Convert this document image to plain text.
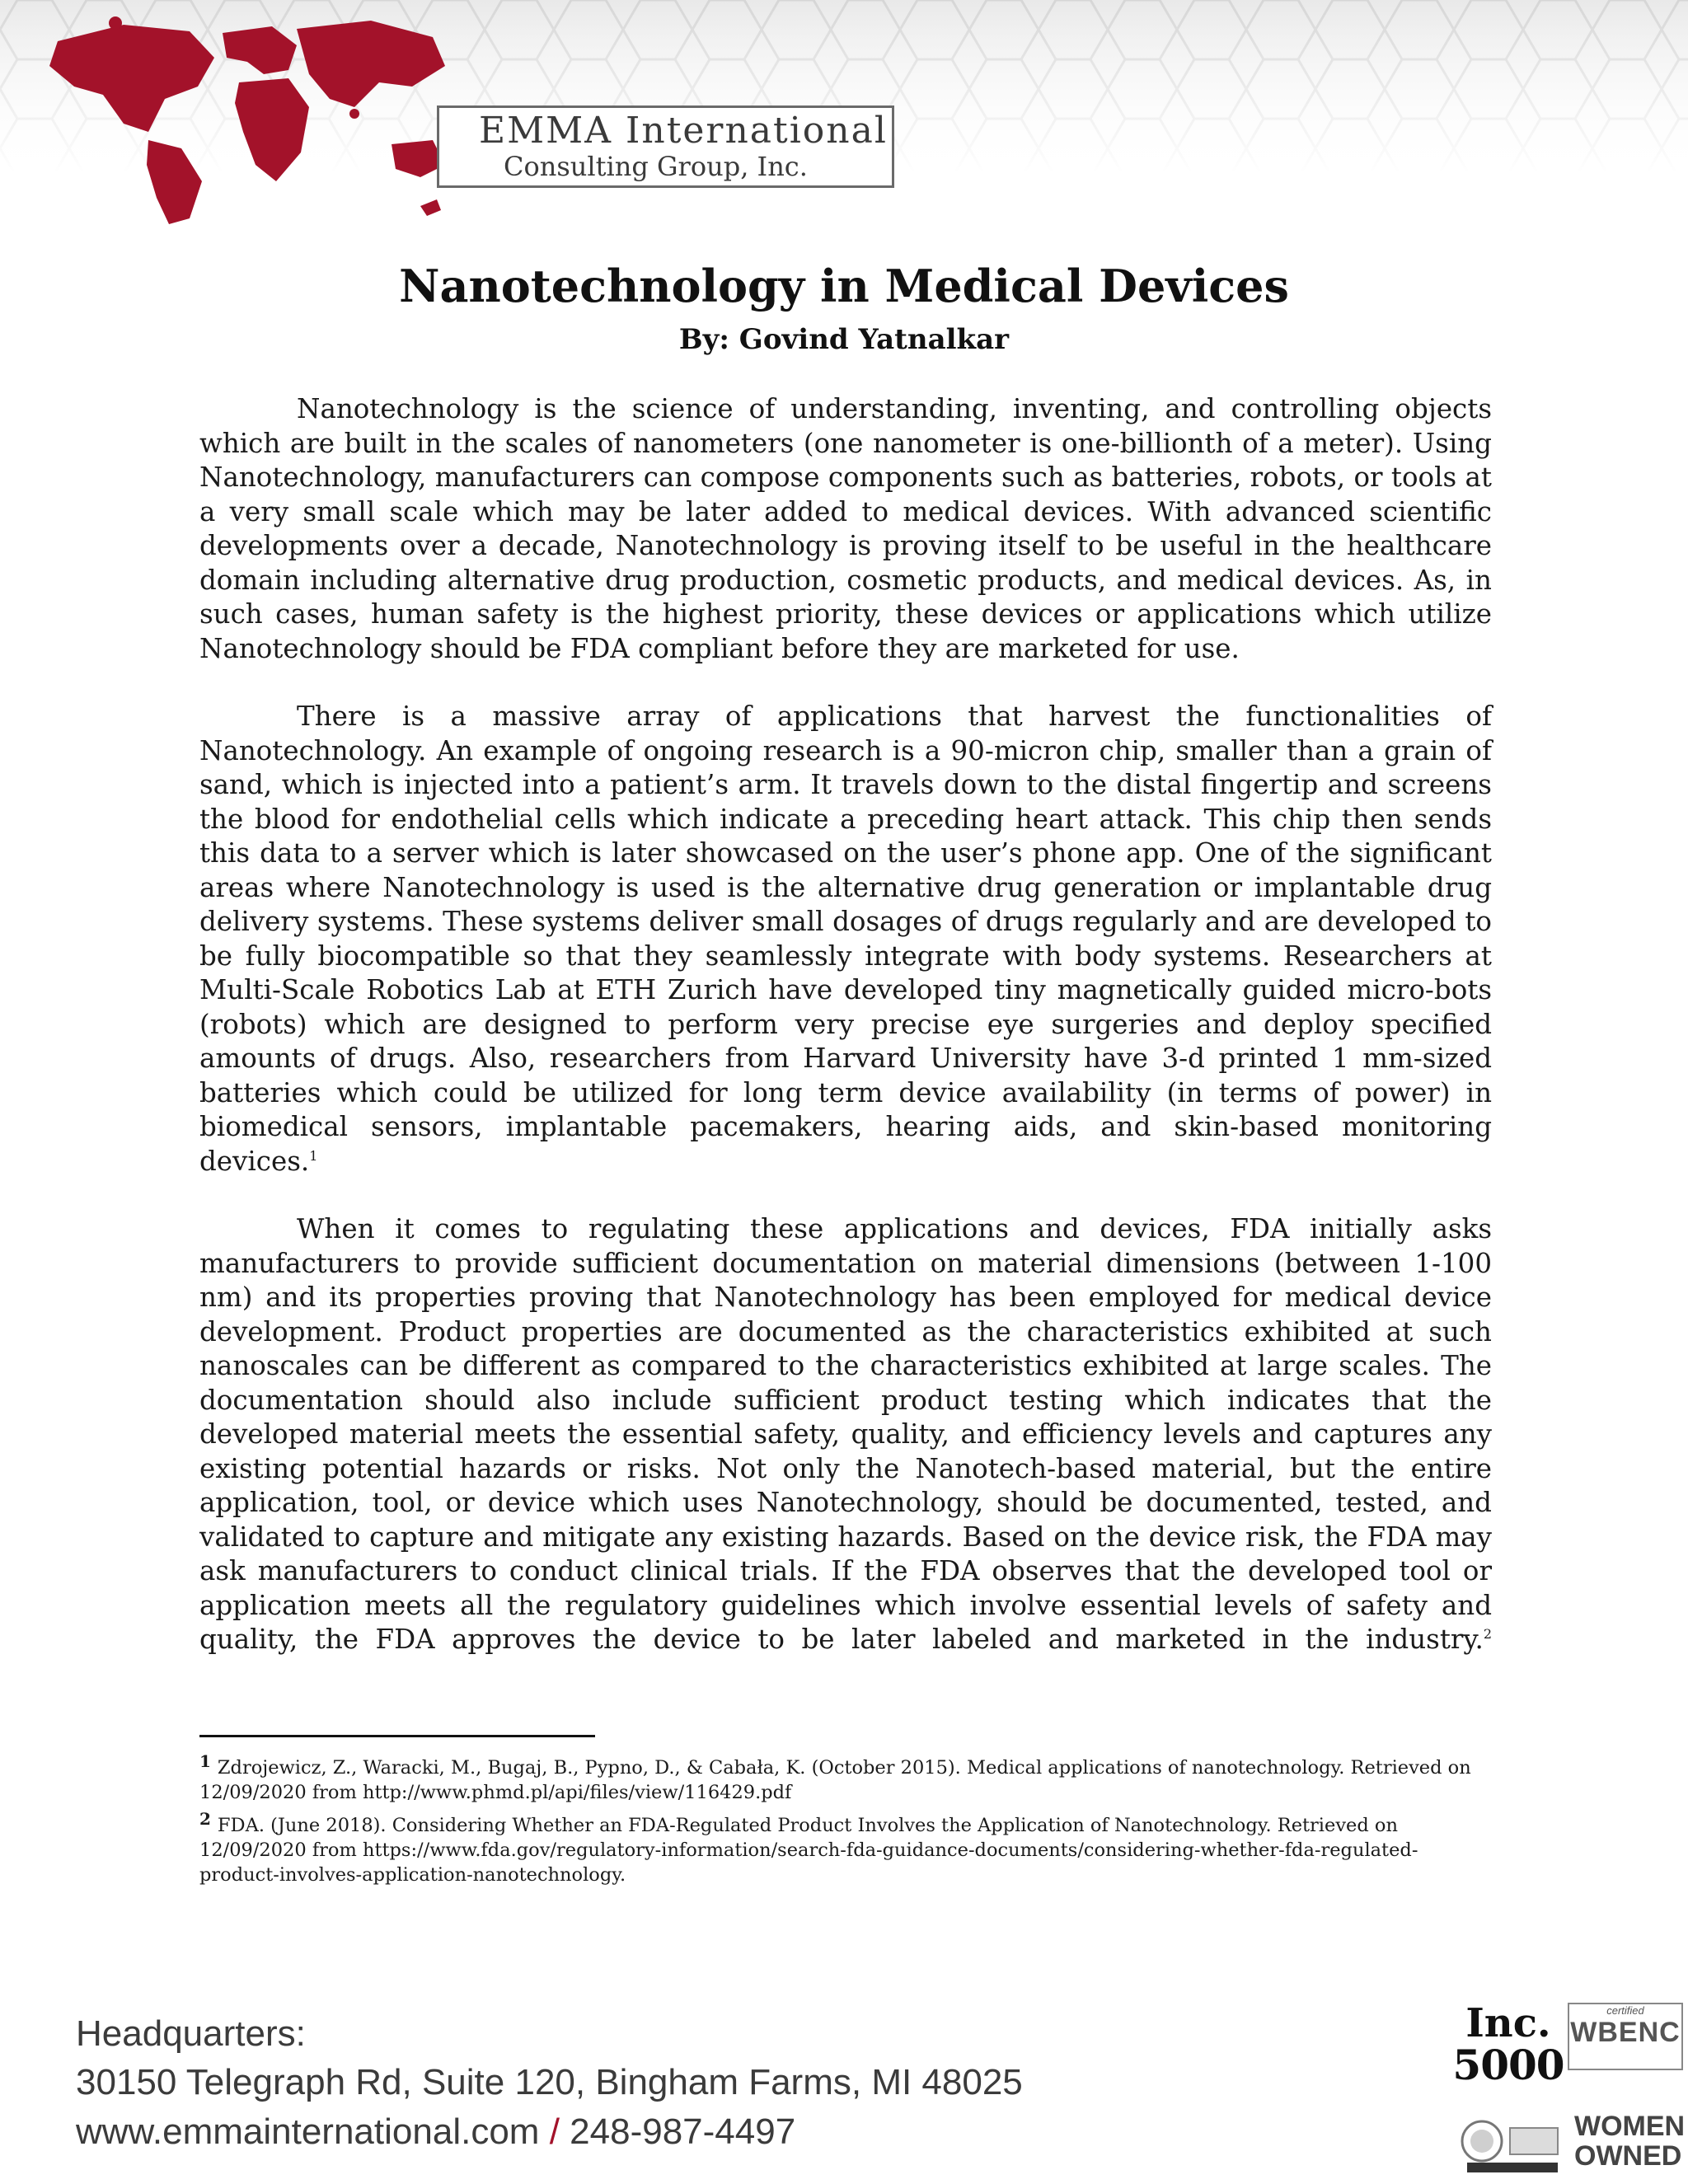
EMMA International
Consulting Group, Inc.
Nanotechnology in Medical Devices
By: Govind Yatnalkar

Nanotechnology is the science of understanding, inventing, and controlling objects which are built in the scales of nanometers (one nanometer is one-billionth of a meter). Using Nanotechnology, manufacturers can compose components such as batteries, robots, or tools at a very small scale which may be later added to medical devices. With advanced scientific developments over a decade, Nanotechnology is proving itself to be useful in the healthcare domain including alternative drug production, cosmetic products, and medical devices. As, in such cases, human safety is the highest priority, these devices or applications which utilize Nanotechnology should be FDA compliant before they are marketed for use.

There is a massive array of applications that harvest the functionalities of Nanotechnology. An example of ongoing research is a 90-micron chip, smaller than a grain of sand, which is injected into a patient’s arm. It travels down to the distal fingertip and screens the blood for endothelial cells which indicate a preceding heart attack. This chip then sends this data to a server which is later showcased on the user’s phone app. One of the significant areas where Nanotechnology is used is the alternative drug generation or implantable drug delivery systems. These systems deliver small dosages of drugs regularly and are developed to be fully biocompatible so that they seamlessly integrate with body systems. Researchers at Multi-Scale Robotics Lab at ETH Zurich have developed tiny magnetically guided micro-bots (robots) which are designed to perform very precise eye surgeries and deploy specified amounts of drugs. Also, researchers from Harvard University have 3-d printed 1 mm-sized batteries which could be utilized for long term device availability (in terms of power) in biomedical sensors, implantable pacemakers, hearing aids, and skin-based monitoring devices.$^1$

When it comes to regulating these applications and devices, FDA initially asks manufacturers to provide sufficient documentation on material dimensions (between 1-100 nm) and its properties proving that Nanotechnology has been employed for medical device development. Product properties are documented as the characteristics exhibited at such nanoscales can be different as compared to the characteristics exhibited at large scales. The documentation should also include sufficient product testing which indicates that the developed material meets the essential safety, quality, and efficiency levels and captures any existing potential hazards or risks. Not only the Nanotech-based material, but the entire application, tool, or device which uses Nanotechnology, should be documented, tested, and validated to capture and mitigate any existing hazards. Based on the device risk, the FDA may ask manufacturers to conduct clinical trials. If the FDA observes that the developed tool or application meets all the regulatory guidelines which involve essential levels of safety and quality, the FDA approves the device to be later labeled and marketed in the industry.$^2$

1 Zdrojewicz, Z., Waracki, M., Bugaj, B., Pypno, D., & Cabała, K. (October 2015). Medical applications of nanotechnology. Retrieved on 12/09/2020 from http://www.phmd.pl/api/files/view/116429.pdf
2 FDA. (June 2018). Considering Whether an FDA-Regulated Product Involves the Application of Nanotechnology. Retrieved on 12/09/2020 from https://www.fda.gov/regulatory-information/search-fda-guidance-documents/considering-whether-fda-regulated-product-involves-application-nanotechnology.
Headquarters:
30150 Telegraph Rd, Suite 120, Bingham Farms, MI 48025
www.emmainternational.com / 248-987-4497
Inc.
5000
certified
WBENC
WOMEN
OWNED
